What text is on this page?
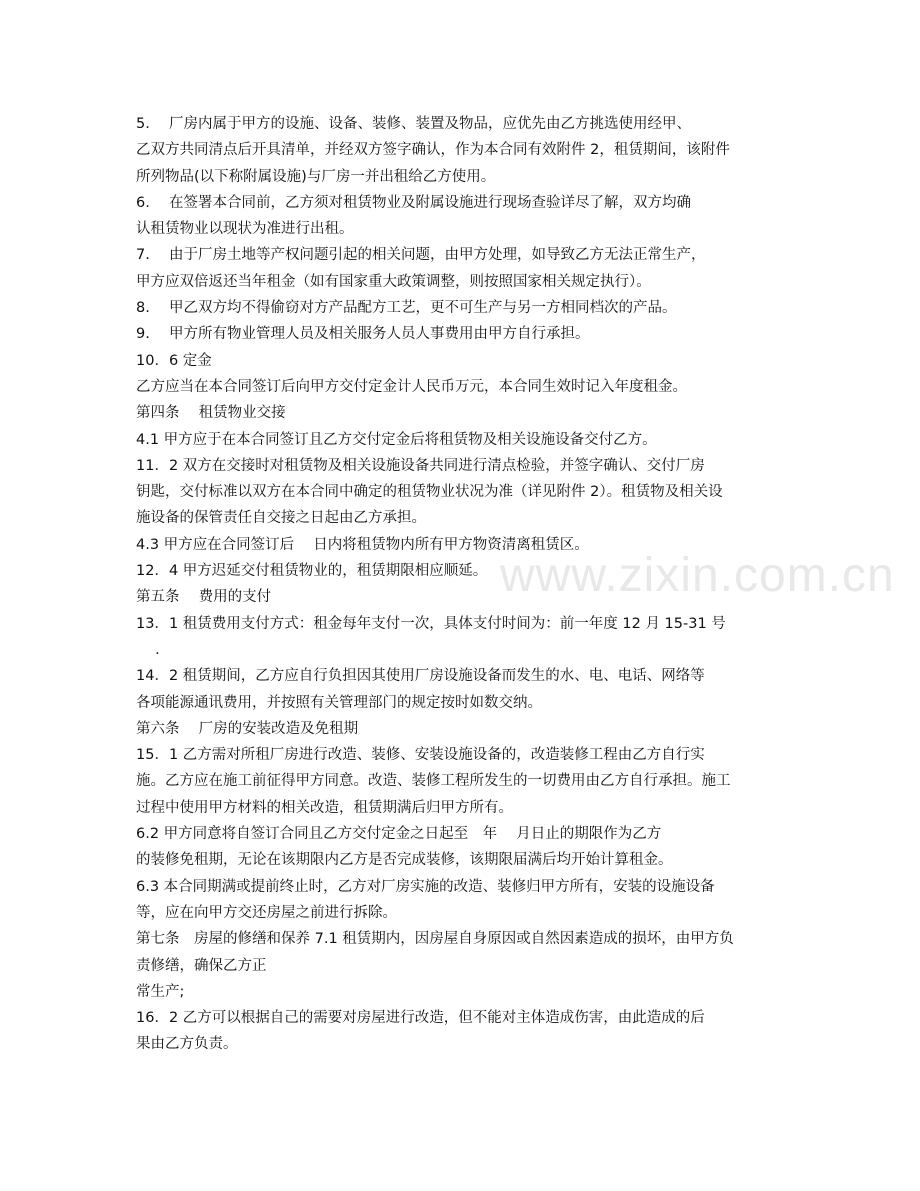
www.zixin.com.cn
5.　 厂房内属于甲方的设施、设备、装修、装置及物品，应优先由乙方挑选使用经甲、
乙双方共同清点后开具清单，并经双方签字确认，作为本合同有效附件 2，租赁期间，该附件
所列物品(以下称附属设施)与厂房一并出租给乙方使用。
6.　 在签署本合同前，乙方须对租赁物业及附属设施进行现场查验详尽了解，双方均确
认租赁物业以现状为准进行出租。
7.　 由于厂房土地等产权问题引起的相关问题，由甲方处理，如导致乙方无法正常生产，
甲方应双倍返还当年租金（如有国家重大政策调整，则按照国家相关规定执行）。
8.　 甲乙双方均不得偷窃对方产品配方工艺，更不可生产与另一方相同档次的产品。
9.　 甲方所有物业管理人员及相关服务人员人事费用由甲方自行承担。
10．6 定金
乙方应当在本合同签订后向甲方交付定金计人民币万元，本合同生效时记入年度租金。
第四条　 租赁物业交接
4.1 甲方应于在本合同签订且乙方交付定金后将租赁物及相关设施设备交付乙方。
11．2 双方在交接时对租赁物及相关设施设备共同进行清点检验，并签字确认、交付厂房
钥匙，交付标准以双方在本合同中确定的租赁物业状况为准（详见附件 2）。租赁物及相关设
施设备的保管责任自交接之日起由乙方承担。
4.3 甲方应在合同签订后　 日内将租赁物内所有甲方物资清离租赁区。
12．4 甲方迟延交付租赁物业的，租赁期限相应顺延。
第五条　 费用的支付
13．1 租赁费用支付方式：租金每年支付一次，具体支付时间为：前一年度 12 月 15-31 号
　 ．
14．2 租赁期间，乙方应自行负担因其使用厂房设施设备而发生的水、电、电话、网络等
各项能源通讯费用，并按照有关管理部门的规定按时如数交纳。
第六条　 厂房的安装改造及免租期
15．1 乙方需对所租厂房进行改造、装修、安装设施设备的，改造装修工程由乙方自行实
施。乙方应在施工前征得甲方同意。改造、装修工程所发生的一切费用由乙方自行承担。施工
过程中使用甲方材料的相关改造，租赁期满后归甲方所有。
6.2 甲方同意将自签订合同且乙方交付定金之日起至　年　 月日止的期限作为乙方
的装修免租期，无论在该期限内乙方是否完成装修，该期限届满后均开始计算租金。
6.3 本合同期满或提前终止时，乙方对厂房实施的改造、装修归甲方所有，安装的设施设备
等，应在向甲方交还房屋之前进行拆除。
第七条　房屋的修缮和保养 7.1 租赁期内，因房屋自身原因或自然因素造成的损坏，由甲方负
责修缮，确保乙方正
常生产;
16．2 乙方可以根据自己的需要对房屋进行改造，但不能对主体造成伤害，由此造成的后
果由乙方负责。
